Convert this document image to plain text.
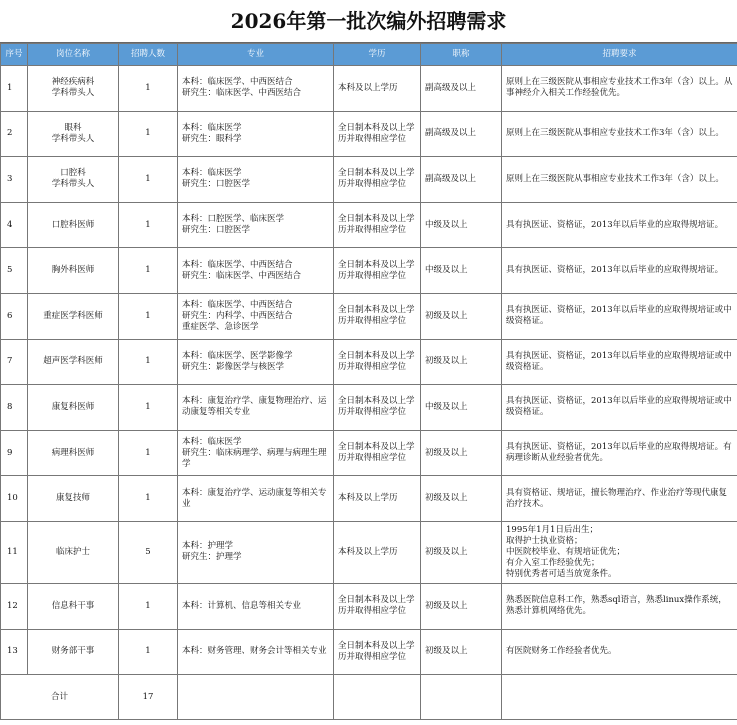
2026年第一批次编外招聘需求
序号	岗位名称	招聘人数	专业	学历	职称	招聘要求
1	神经疾病科
学科带头人	1	本科：临床医学、中西医结合
研究生：临床医学、中西医结合	本科及以上学历	副高级及以上	原则上在三级医院从事相应专业技术工作3年（含）以上。从事神经介入相关工作经验优先。
2	眼科
学科带头人	1	本科：临床医学
研究生：眼科学	全日制本科及以上学历并取得相应学位	副高级及以上	原则上在三级医院从事相应专业技术工作3年（含）以上。
3	口腔科
学科带头人	1	本科：临床医学
研究生：口腔医学	全日制本科及以上学历并取得相应学位	副高级及以上	原则上在三级医院从事相应专业技术工作3年（含）以上。
4	口腔科医师	1	本科：口腔医学、临床医学
研究生：口腔医学	全日制本科及以上学历并取得相应学位	中级及以上	具有执医证、资格证，2013年以后毕业的应取得规培证。
5	胸外科医师	1	本科：临床医学、中西医结合
研究生：临床医学、中西医结合	全日制本科及以上学历并取得相应学位	中级及以上	具有执医证、资格证，2013年以后毕业的应取得规培证。
6	重症医学科医师	1	本科：临床医学、中西医结合
研究生：内科学、中西医结合
重症医学、急诊医学	全日制本科及以上学历并取得相应学位	初级及以上	具有执医证、资格证，2013年以后毕业的应取得规培证或中级资格证。
7	超声医学科医师	1	本科：临床医学、医学影像学
研究生：影像医学与核医学	全日制本科及以上学历并取得相应学位	初级及以上	具有执医证、资格证，2013年以后毕业的应取得规培证或中级资格证。
8	康复科医师	1	本科：康复治疗学、康复物理治疗、运动康复等相关专业	全日制本科及以上学历并取得相应学位	中级及以上	具有执医证、资格证，2013年以后毕业的应取得规培证或中级资格证。
9	病理科医师	1	本科：临床医学
研究生：临床病理学、病理与病理生理学	全日制本科及以上学历并取得相应学位	初级及以上	具有执医证、资格证，2013年以后毕业的应取得规培证。有病理诊断从业经验者优先。
10	康复技师	1	本科：康复治疗学、运动康复等相关专业	本科及以上学历	初级及以上	具有资格证、规培证，擅长物理治疗、作业治疗等现代康复治疗技术。
11	临床护士	5	本科：护理学
研究生：护理学	本科及以上学历	初级及以上	1995年1月1日后出生；
取得护士执业资格；
中医院校毕业、有规培证优先；
有介入室工作经验优先；
特别优秀者可适当放宽条件。
12	信息科干事	1	本科：计算机、信息等相关专业	全日制本科及以上学历并取得相应学位	初级及以上	熟悉医院信息科工作，熟悉sql语言，熟悉linux操作系统，熟悉计算机网络优先。
13	财务部干事	1	本科：财务管理、财务会计等相关专业	全日制本科及以上学历并取得相应学位	初级及以上	有医院财务工作经验者优先。
合计		17				
